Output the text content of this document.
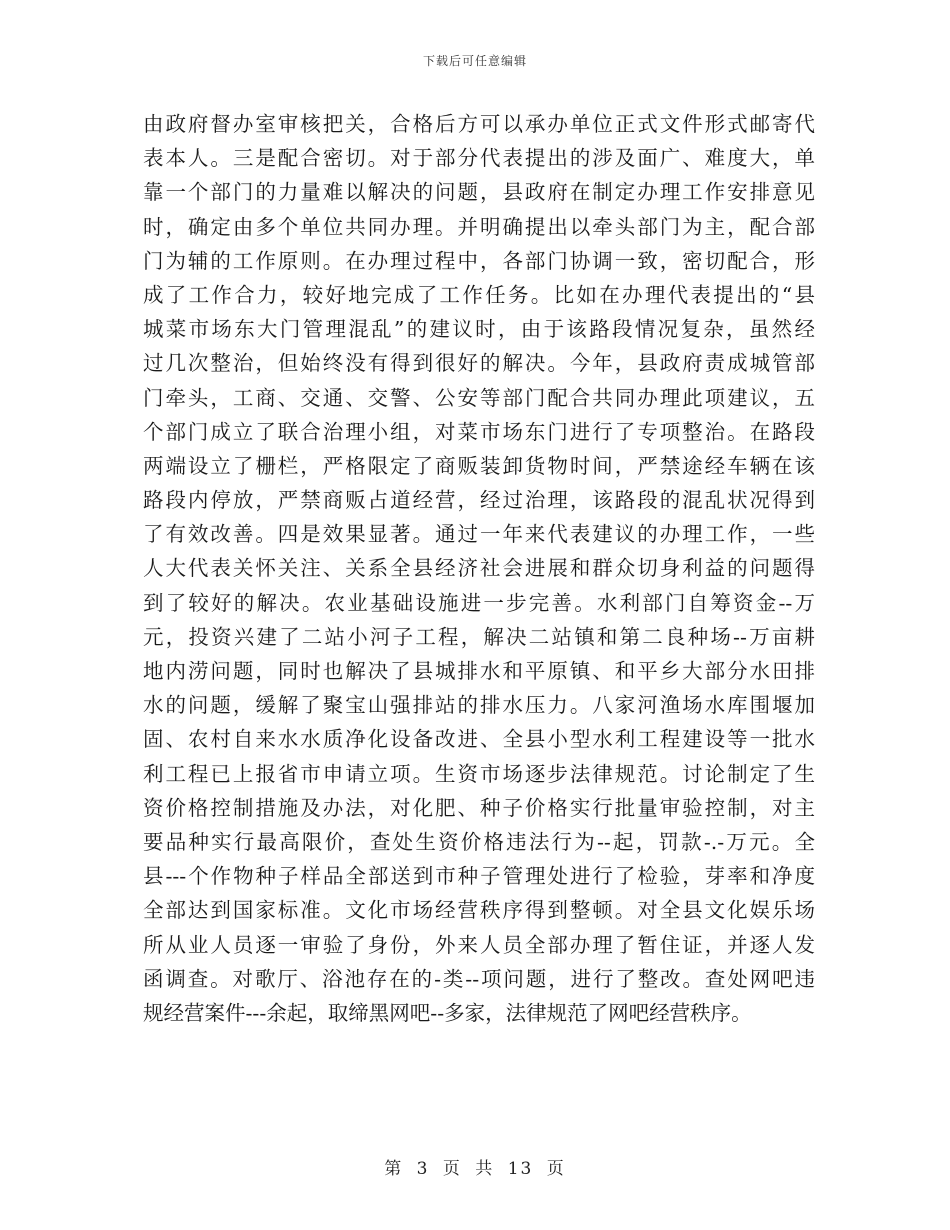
下载后可任意编辑
由政府督办室审核把关，合格后方可以承办单位正式文件形式邮寄代
表本人。三是配合密切。对于部分代表提出的涉及面广、难度大，单
靠一个部门的力量难以解决的问题，县政府在制定办理工作安排意见
时，确定由多个单位共同办理。并明确提出以牵头部门为主，配合部
门为辅的工作原则。在办理过程中，各部门协调一致，密切配合，形
成了工作合力，较好地完成了工作任务。比如在办理代表提出的“县
城菜市场东大门管理混乱”的建议时，由于该路段情况复杂，虽然经
过几次整治，但始终没有得到很好的解决。今年，县政府责成城管部
门牵头，工商、交通、交警、公安等部门配合共同办理此项建议，五
个部门成立了联合治理小组，对菜市场东门进行了专项整治。在路段
两端设立了栅栏，严格限定了商贩装卸货物时间，严禁途经车辆在该
路段内停放，严禁商贩占道经营，经过治理，该路段的混乱状况得到
了有效改善。四是效果显著。通过一年来代表建议的办理工作，一些
人大代表关怀关注、关系全县经济社会进展和群众切身利益的问题得
到了较好的解决。农业基础设施进一步完善。水利部门自筹资金--万
元，投资兴建了二站小河子工程，解决二站镇和第二良种场--万亩耕
地内涝问题，同时也解决了县城排水和平原镇、和平乡大部分水田排
水的问题，缓解了聚宝山强排站的排水压力。八家河渔场水库围堰加
固、农村自来水水质净化设备改进、全县小型水利工程建设等一批水
利工程已上报省市申请立项。生资市场逐步法律规范。讨论制定了生
资价格控制措施及办法，对化肥、种子价格实行批量审验控制，对主
要品种实行最高限价，查处生资价格违法行为--起，罚款-.-万元。全
县---个作物种子样品全部送到市种子管理处进行了检验，芽率和净度
全部达到国家标准。文化市场经营秩序得到整顿。对全县文化娱乐场
所从业人员逐一审验了身份，外来人员全部办理了暂住证，并逐人发
函调查。对歌厅、浴池存在的-类--项问题，进行了整改。查处网吧违
规经营案件---余起，取缔黑网吧--多家，法律规范了网吧经营秩序。
第 3 页 共 13 页
